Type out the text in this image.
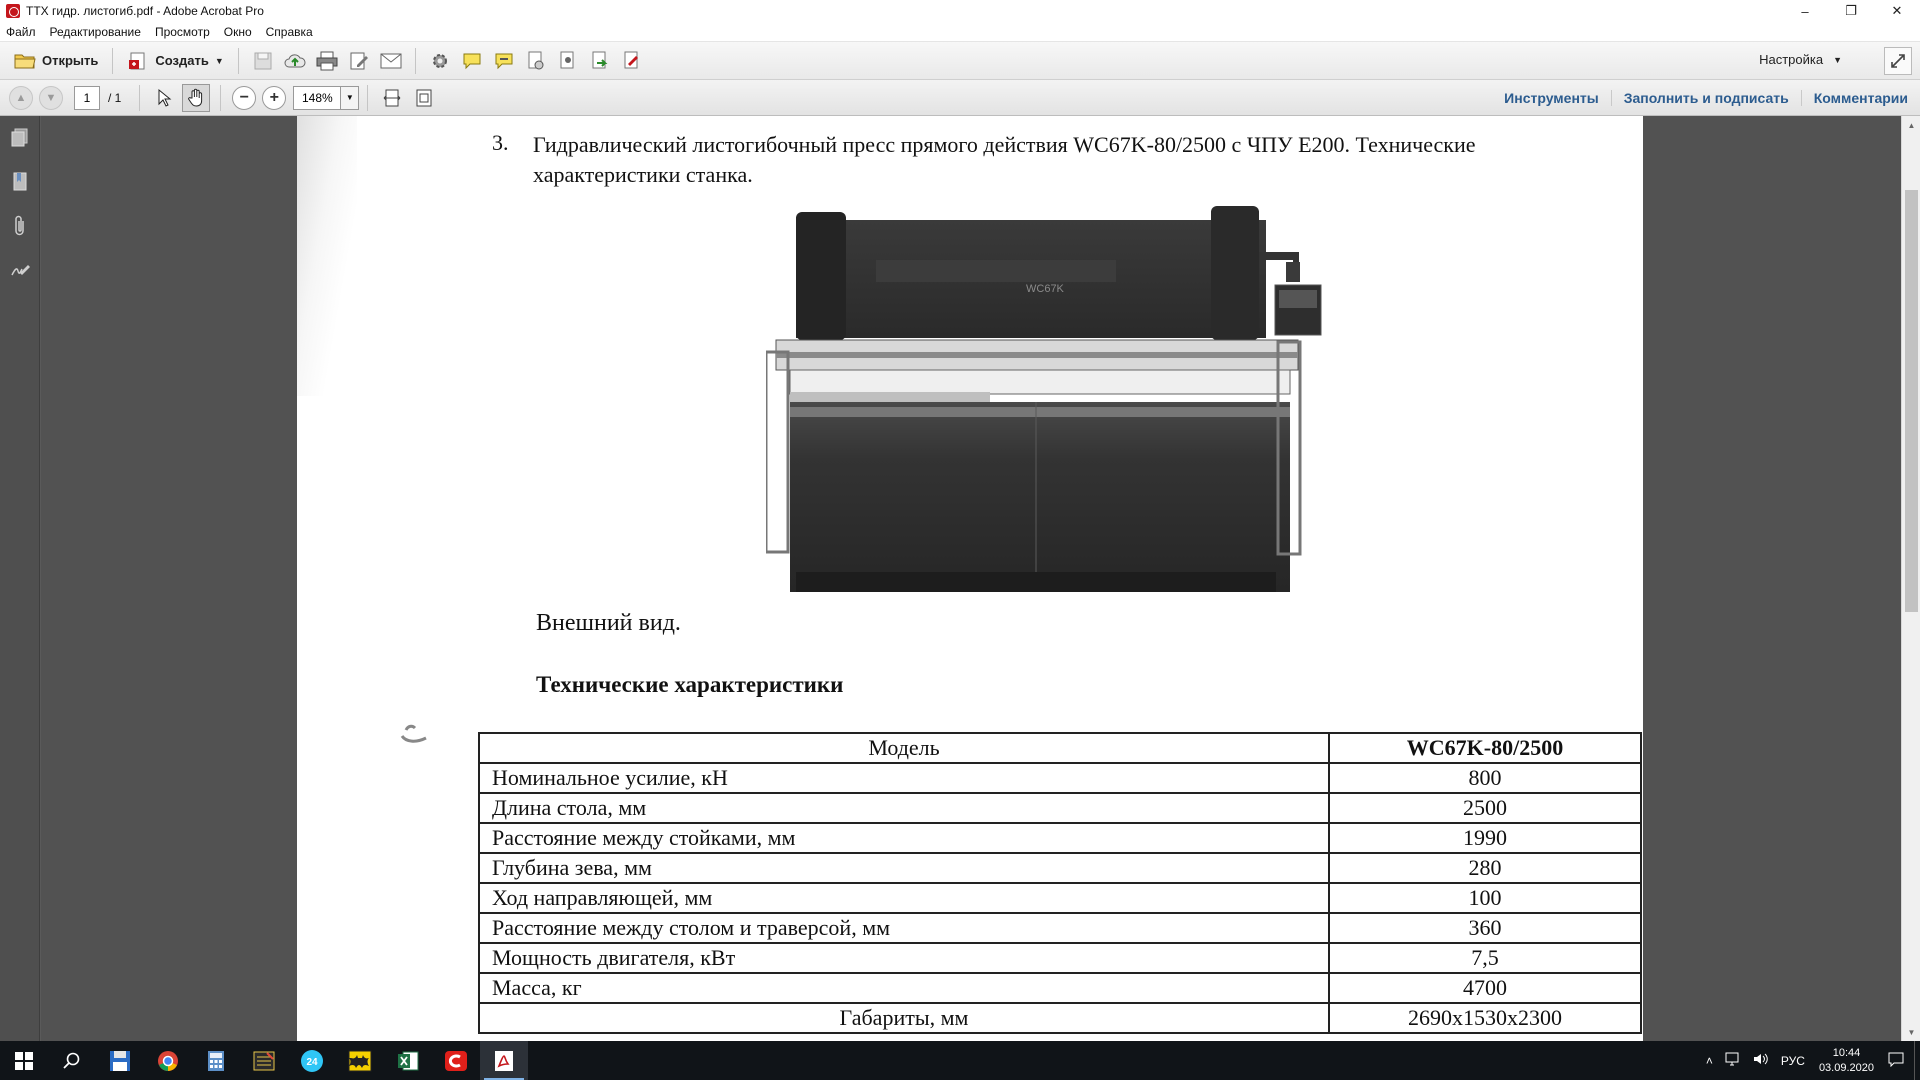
ТТХ гидр. листогиб.pdf - Adobe Acrobat Pro	–	❐	✕
Файл Редактирование Просмотр Окно Справка
Открыть	Создать ▼	Настройка ▼
▲	▼
1	/ 1	−	+
148%	▼	Инструменты	Заполнить и подписать	Комментарии
3. Гидравлический листогибочный пресс прямого действия WC67K-80/2500 с ЧПУ E200. Технические характеристики станка.
WC67K
Внешний вид.
Технические характеристики
Модель	WC67K-80/2500
Номинальное усилие, кН	800
Длина стола, мм	2500
Расстояние между стойками, мм	1990
Глубина зева, мм	280
Ход направляющей, мм	100
Расстояние между столом и траверсой, мм	360
Мощность двигателя, кВт	7,5
Масса, кг	4700
Габариты, мм	2690x1530x2300
▲
▼
24	˄	РУС
10:44
03.09.2020
